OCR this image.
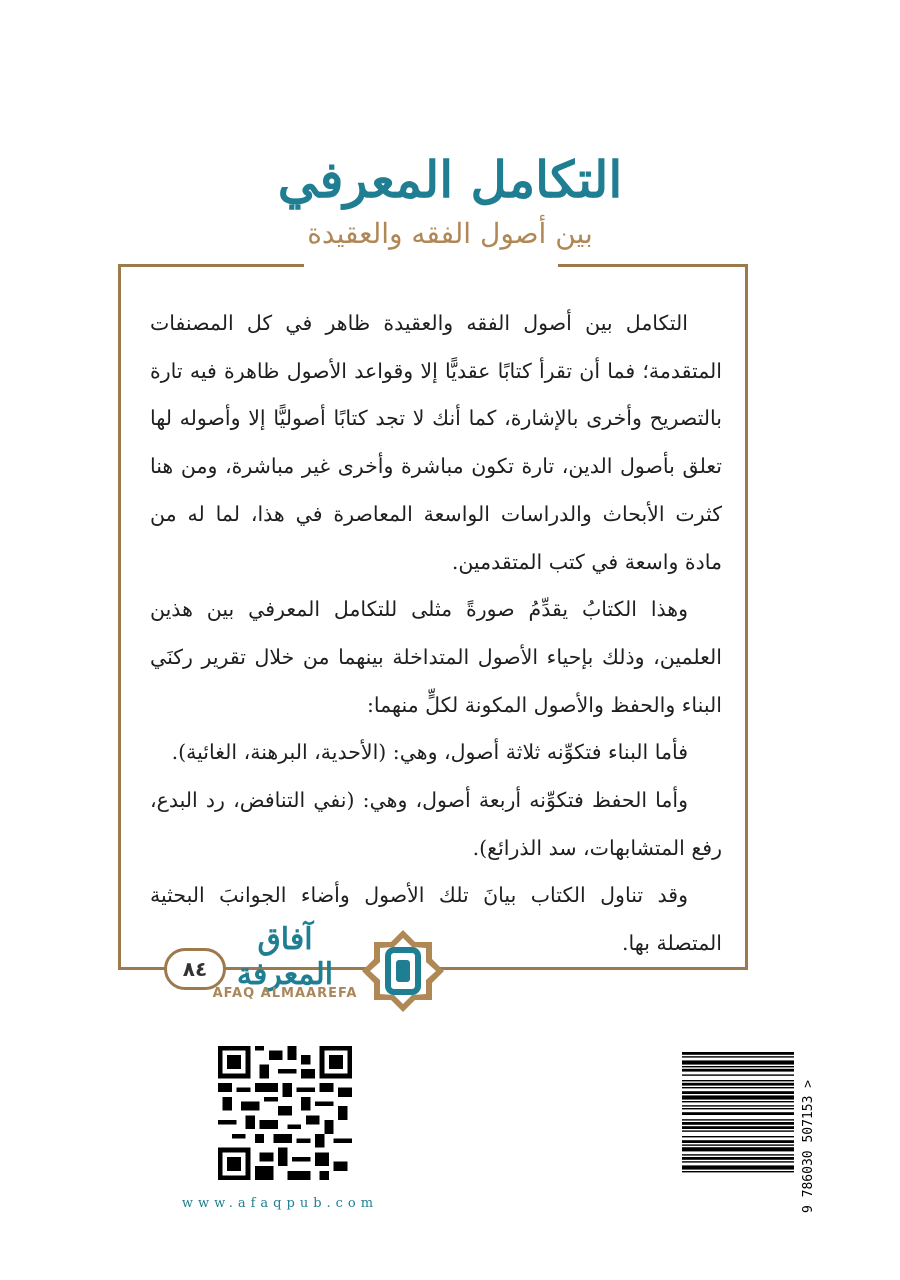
التكامل المعرفي
بين أصول الفقه والعقيدة

التكامل بين أصول الفقه والعقيدة ظاهر في كل المصنفات المتقدمة؛ فما أن تقرأ كتابًا عقديًّا إلا وقواعد الأصول ظاهرة فيه تارة بالتصريح وأخرى بالإشارة، كما أنك لا تجد كتابًا أصوليًّا إلا وأصوله لها تعلق بأصول الدين، تارة تكون مباشرة وأخرى غير مباشرة، ومن هنا كثرت الأبحاث والدراسات الواسعة المعاصرة في هذا، لما له من مادة واسعة في كتب المتقدمين.

وهذا الكتابُ يقدِّمُ صورةً مثلى للتكامل المعرفي بين هذين العلمين، وذلك بإحياء الأصول المتداخلة بينهما من خلال تقرير ركنَي البناء والحفظ والأصول المكونة لكلٍّ منهما:

فأما البناء فتكوِّنه ثلاثة أصول، وهي: (الأحدية، البرهنة، الغائية).

وأما الحفظ فتكوِّنه أربعة أصول، وهي: (نفي التنافض، رد البدع، رفع المتشابهات، سد الذرائع).

وقد تناول الكتاب بيانَ تلك الأصول وأضاء الجوانبَ البحثية المتصلة بها.

٨٤
آفاق المعرفة
AFAQ ALMAAREFA
www.afaqpub.com	9 786030 507153 >
